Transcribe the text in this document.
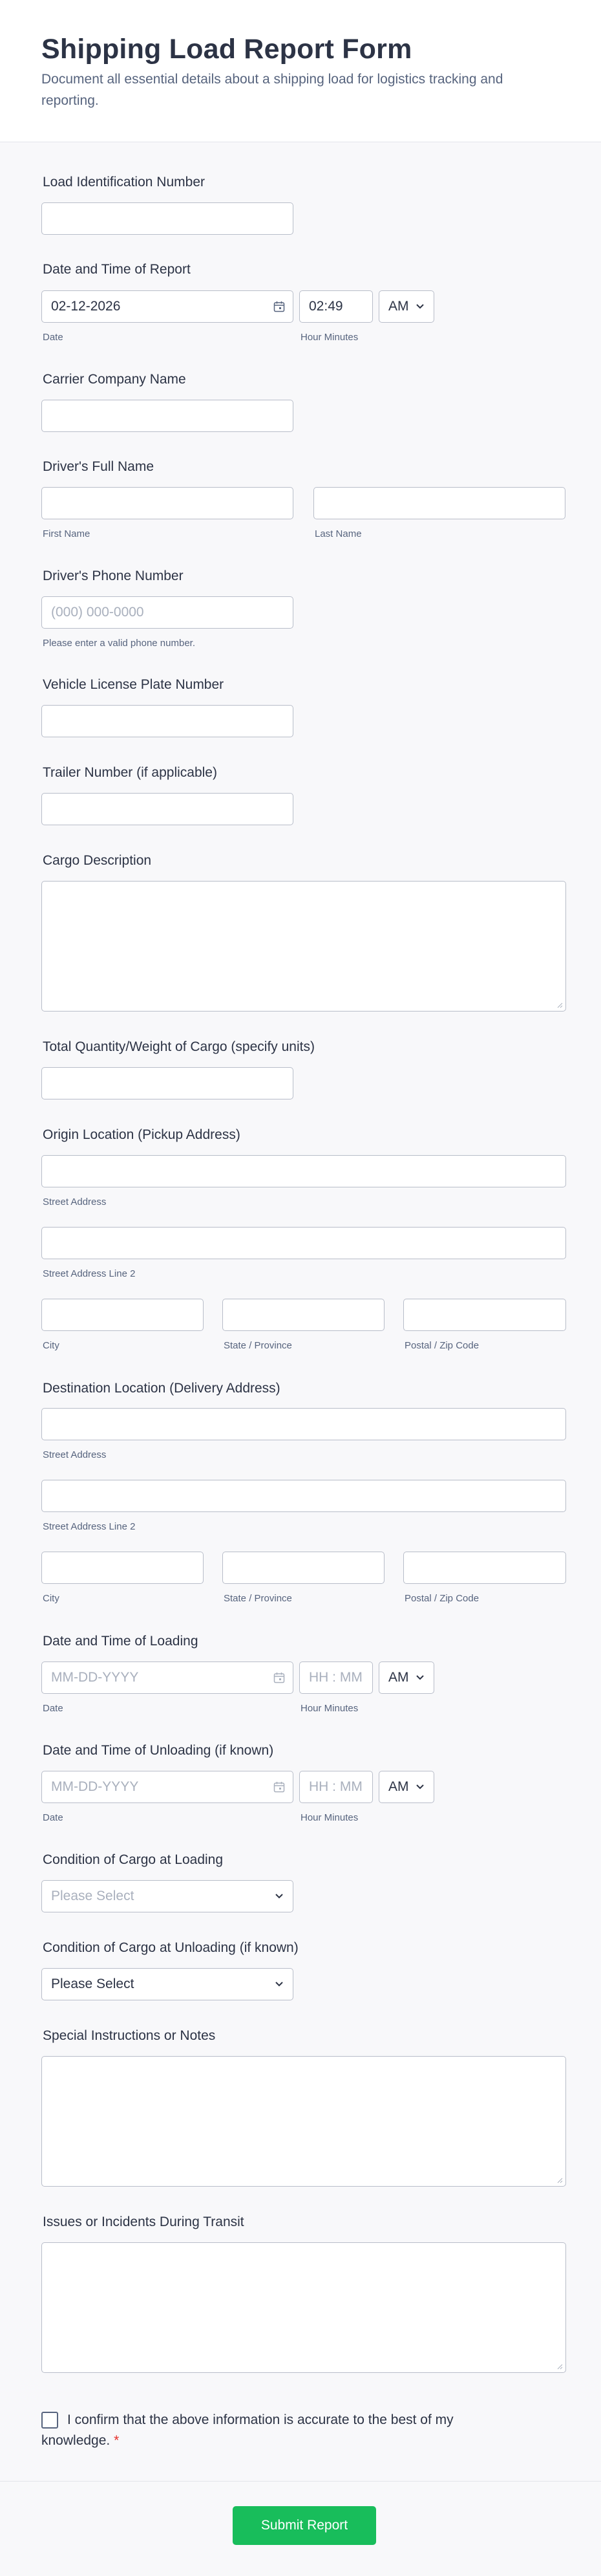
Shipping Load Report Form
Document all essential details about a shipping load for logistics tracking and reporting.
Load Identification Number
Date and Time of Report
02-12-2026	02:49	AM
Date	Hour Minutes
Carrier Company Name
Driver's Full Name
First Name	Last Name
Driver's Phone Number
(000) 000-0000
Please enter a valid phone number.
Vehicle License Plate Number
Trailer Number (if applicable)
Cargo Description
Total Quantity/Weight of Cargo (specify units)
Origin Location (Pickup Address)
Street Address
Street Address Line 2
City	State / Province	Postal / Zip Code
Destination Location (Delivery Address)
Street Address
Street Address Line 2
City	State / Province	Postal / Zip Code
Date and Time of Loading
MM-DD-YYYY	HH : MM AM
Date	Hour Minutes
Date and Time of Unloading (if known)
MM-DD-YYYY	HH : MM AM
Date	Hour Minutes
Condition of Cargo at Loading
Please Select
Condition of Cargo at Unloading (if known)
Please Select
Special Instructions or Notes
Issues or Incidents During Transit
I confirm that the above information is accurate to the best of my knowledge. *
Submit Report
